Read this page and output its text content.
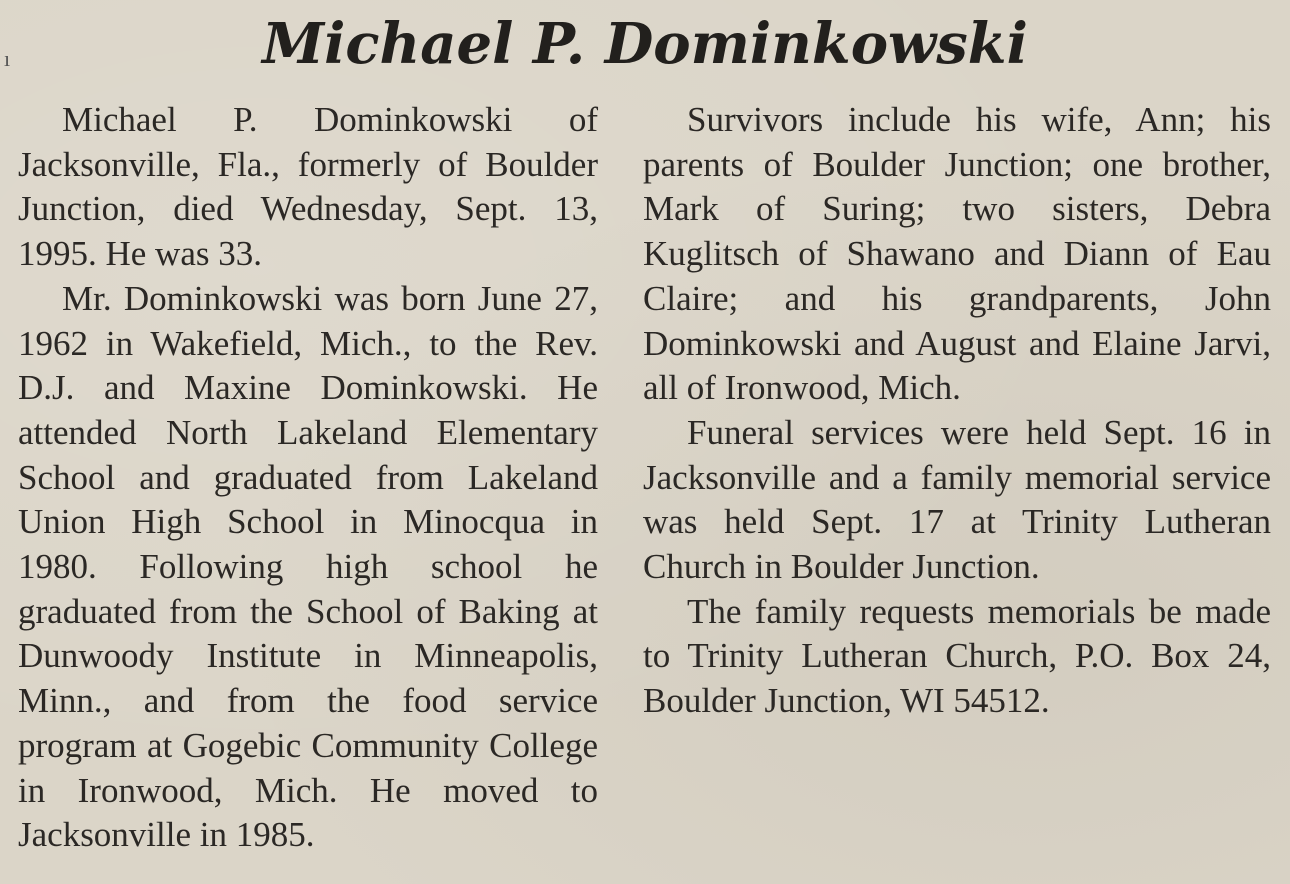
ı	Michael P. Dominkowski

Michael P. Dominkowski of Jacksonville, Fla., formerly of Boulder Junction, died Wednesday, Sept. 13, 1995. He was 33.

Mr. Dominkowski was born June 27, 1962 in Wakefield, Mich., to the Rev. D.J. and Maxine Dominkowski. He attended North Lakeland Elementary School and graduated from Lakeland Union High School in Minocqua in 1980. Following high school he graduated from the School of Baking at Dunwoody Institute in Minneapolis, Minn., and from the food service program at Gogebic Community College in Ironwood, Mich. He moved to Jacksonville in 1985.

Survivors include his wife, Ann; his parents of Boulder Junction; one brother, Mark of Suring; two sisters, Debra Kuglitsch of Shawano and Diann of Eau Claire; and his grandparents, John Dominkowski and August and Elaine Jarvi, all of Ironwood, Mich.

Funeral services were held Sept. 16 in Jacksonville and a family memorial service was held Sept. 17 at Trinity Lutheran Church in Boulder Junction.

The family requests memorials be made to Trinity Lutheran Church, P.O. Box 24, Boulder Junction, WI 54512.
